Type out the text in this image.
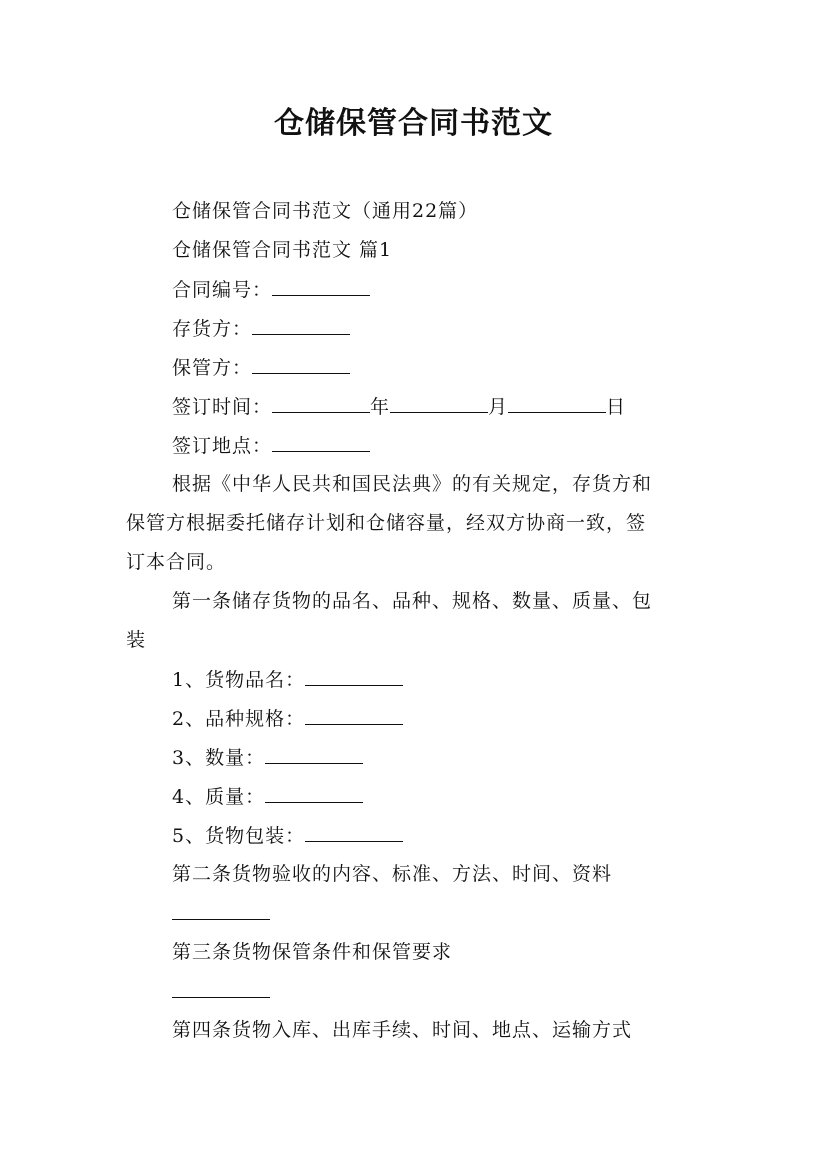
仓储保管合同书范文
仓储保管合同书范文（通用22篇）
仓储保管合同书范文 篇1
合同编号：
存货方：
保管方：
签订时间：	年	月	日
签订地点：
根据《中华人民共和国民法典》的有关规定，存货方和
保管方根据委托储存计划和仓储容量，经双方协商一致，签
订本合同。
第一条储存货物的品名、品种、规格、数量、质量、包
装
1、货物品名：
2、品种规格：
3、数量：
4、质量：
5、货物包装：
第二条货物验收的内容、标准、方法、时间、资料
第三条货物保管条件和保管要求
第四条货物入库、出库手续、时间、地点、运输方式
